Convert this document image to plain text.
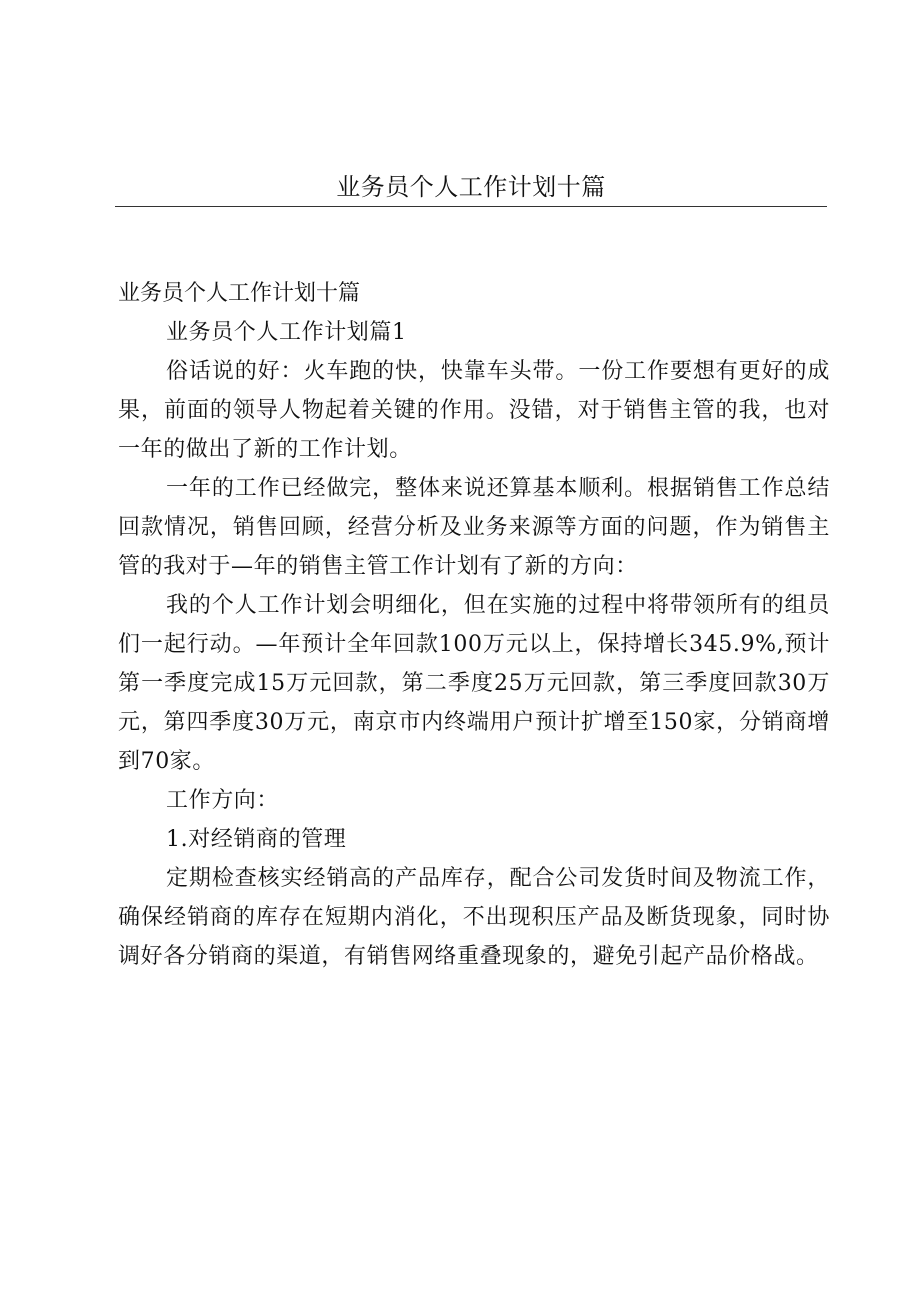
业务员个人工作计划十篇

业务员个人工作计划十篇

业务员个人工作计划篇1

俗话说的好：火车跑的快，快靠车头带。一份工作要想有更好的成果，前面的领导人物起着关键的作用。没错，对于销售主管的我，也对一年的做出了新的工作计划。

一年的工作已经做完，整体来说还算基本顺利。根据销售工作总结回款情况，销售回顾，经营分析及业务来源等方面的问题，作为销售主管的我对于—年的销售主管工作计划有了新的方向：

我的个人工作计划会明细化，但在实施的过程中将带领所有的组员们一起行动。—年预计全年回款100万元以上，保持增长345.9%,预计第一季度完成15万元回款，第二季度25万元回款，第三季度回款30万元，第四季度30万元，南京市内终端用户预计扩增至150家，分销商增到70家。

工作方向：

1.对经销商的管理

定期检查核实经销高的产品库存，配合公司发货时间及物流工作，确保经销商的库存在短期内消化，不出现积压产品及断货现象，同时协调好各分销商的渠道，有销售网络重叠现象的，避免引起产品价格战。
